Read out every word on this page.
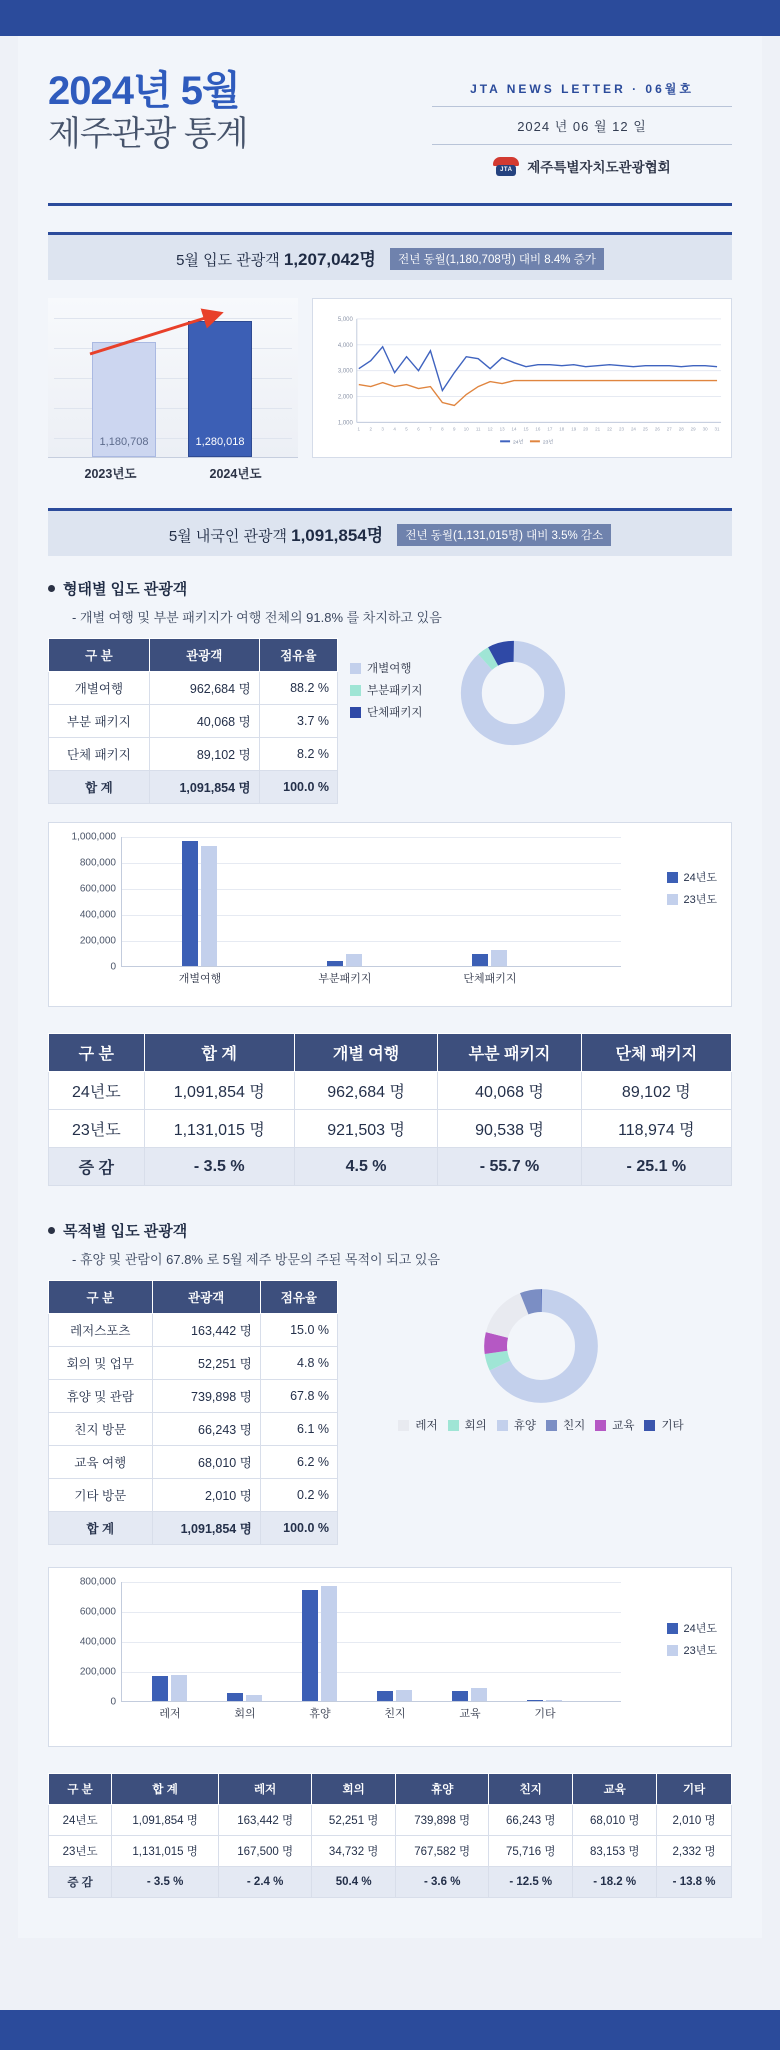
2024년 5월
제주관광 통계
JTA NEWS LETTER · 06월호
2024 년 06 월 12 일
JTA 제주특별자치도관광협회
5월 입도 관광객 1,207,042명 전년 동월(1,180,708명) 대비 8.4% 증가
1,180,708	1,280,018
2023년도	2024년도
5,000
4,000
3,000
2,000
1,000
1 2 3 4 5 6 7 8 9 10 11 12 13 14 15 16 17 18 19 20 21 22 23 24 25 26 27 28 29 30 31
24년	23년
5월 내국인 관광객 1,091,854명 전년 동월(1,131,015명) 대비 3.5% 감소
형태별 입도 관광객
- 개별 여행 및 부분 패키지가 여행 전체의 91.8% 를 차지하고 있음
구 분	관광객	점유율
개별여행	962,684 명	88.2 %
부분 패키지	40,068 명	3.7 %
단체 패키지	89,102 명	8.2 %
합 계	1,091,854 명	100.0 %
개별여행
부분패키지
단체패키지
1,000,000
800,000
600,000
400,000
200,000
0
개별여행	부분패키지	단체패키지
24년도
23년도
구 분	합 계	개별 여행	부분 패키지	단체 패키지
24년도	1,091,854 명	962,684 명	40,068 명	89,102 명
23년도	1,131,015 명	921,503 명	90,538 명	118,974 명
증 감	- 3.5 %	4.5 %	- 55.7 %	- 25.1 %
목적별 입도 관광객
- 휴양 및 관람이 67.8% 로 5월 제주 방문의 주된 목적이 되고 있음
구 분	관광객	점유율
레저스포츠	163,442 명	15.0 %
회의 및 업무	52,251 명	4.8 %
휴양 및 관람	739,898 명	67.8 %
친지 방문	66,243 명	6.1 %
교육 여행	68,010 명	6.2 %
기타 방문	2,010 명	0.2 %
합 계	1,091,854 명	100.0 %
레저 회의 휴양 친지 교육 기타
800,000
600,000
400,000
200,000
0
레저	회의	휴양	친지	교육	기타
24년도
23년도
구 분	합 계	레저	회의	휴양	친지	교육	기타
24년도	1,091,854 명	163,442 명	52,251 명	739,898 명	66,243 명	68,010 명	2,010 명
23년도	1,131,015 명	167,500 명	34,732 명	767,582 명	75,716 명	83,153 명	2,332 명
증 감	- 3.5 %	- 2.4 %	50.4 %	- 3.6 %	- 12.5 %	- 18.2 %	- 13.8 %
